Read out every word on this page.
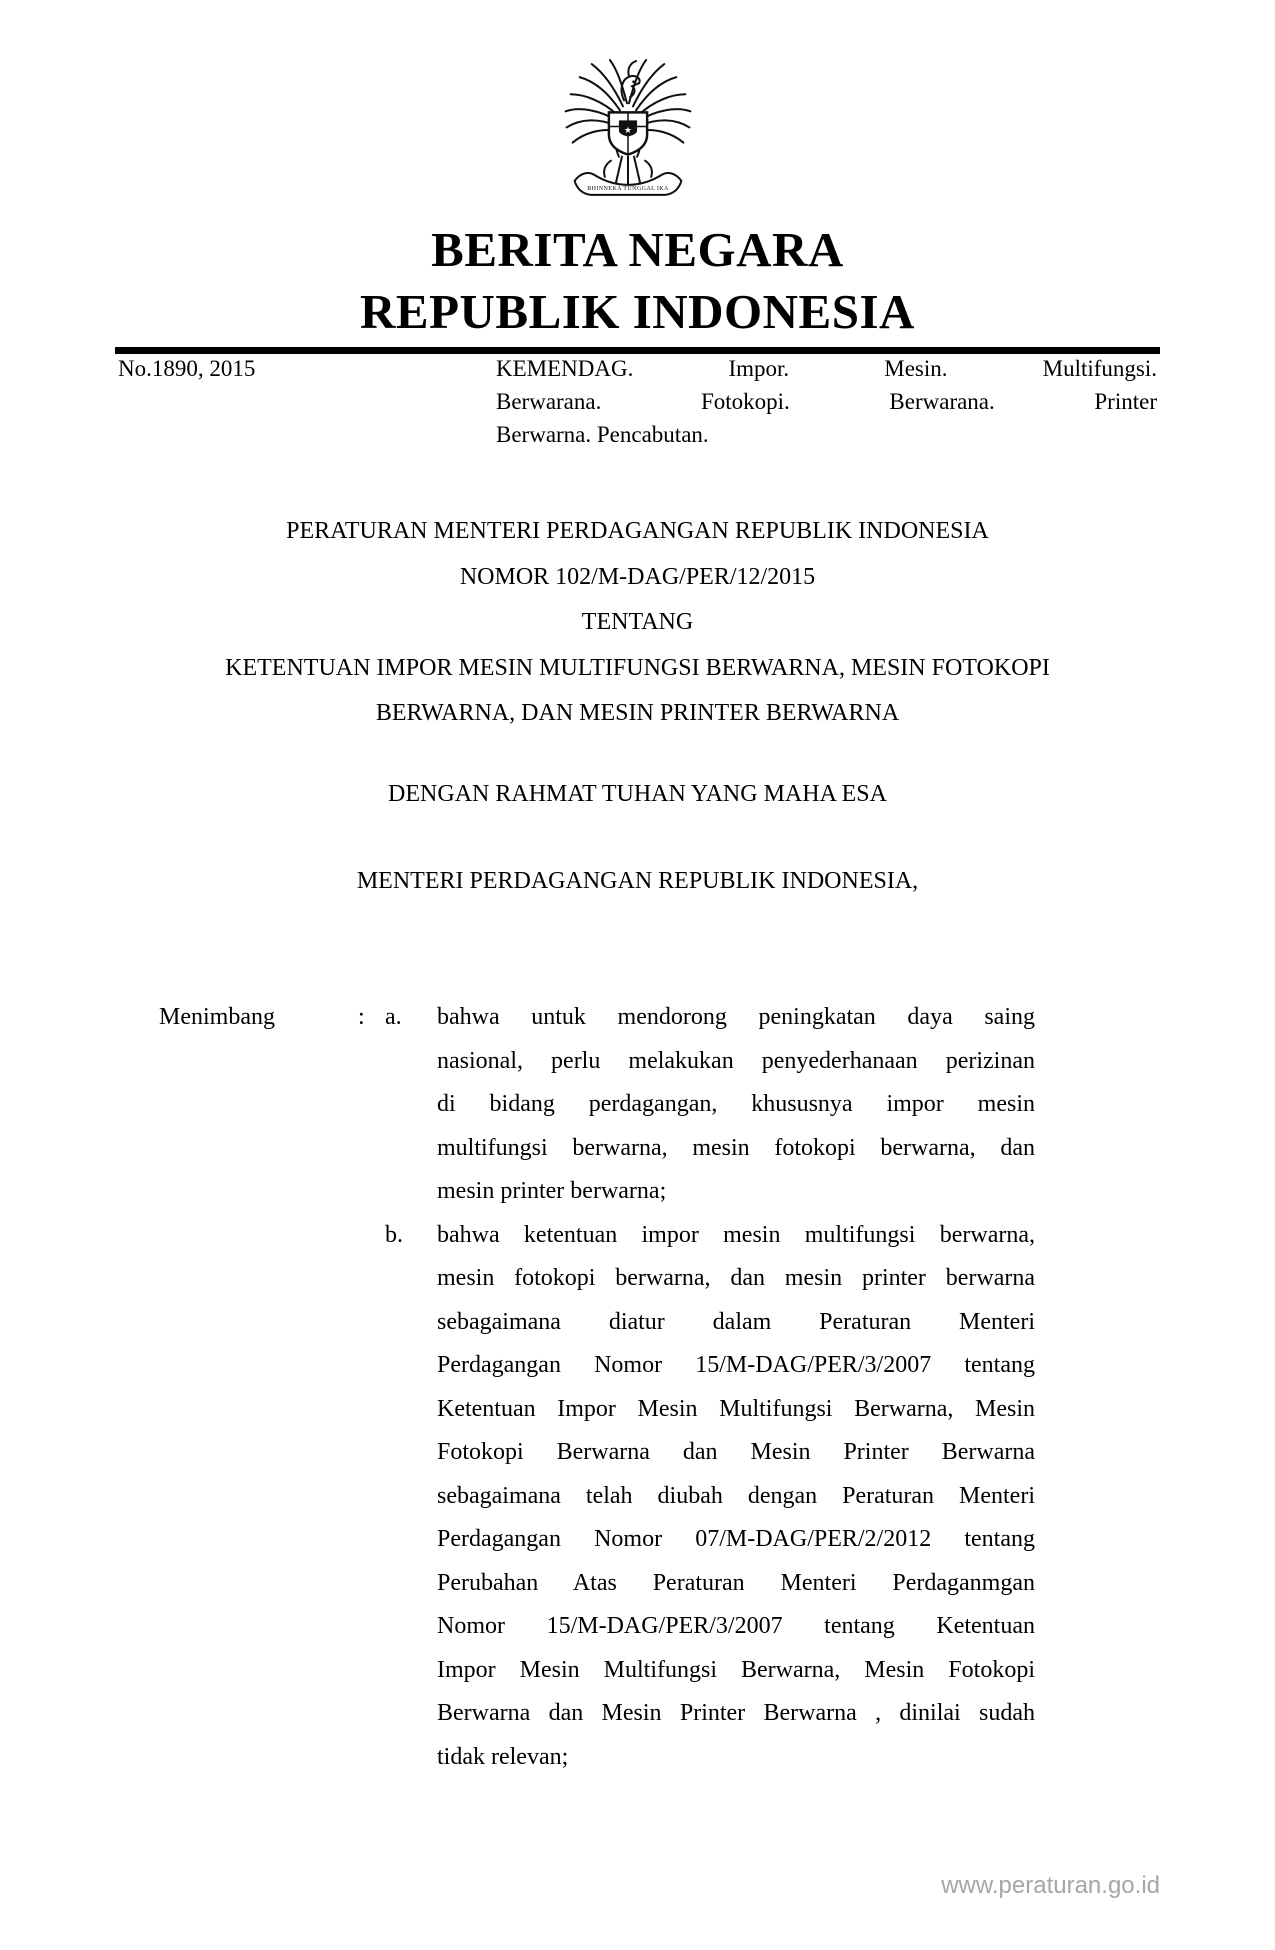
★
BHINNEKA TUNGGAL IKA
BERITA NEGARA
REPUBLIK INDONESIA
No.1890, 2015	KEMENDAG. Impor. Mesin. Multifungsi.
Berwarana. Fotokopi. Berwarana. Printer
Berwarna. Pencabutan.
PERATURAN MENTERI PERDAGANGAN REPUBLIK INDONESIA
NOMOR 102/M-DAG/PER/12/2015
TENTANG
KETENTUAN IMPOR MESIN MULTIFUNGSI BERWARNA, MESIN FOTOKOPI
BERWARNA, DAN MESIN PRINTER BERWARNA
DENGAN RAHMAT TUHAN YANG MAHA ESA
MENTERI PERDAGANGAN REPUBLIK INDONESIA,
Menimbang	: a. bahwa untuk mendorong peningkatan daya saing
nasional, perlu melakukan penyederhanaan perizinan
di bidang perdagangan, khususnya impor mesin
multifungsi berwarna, mesin fotokopi berwarna, dan
mesin printer berwarna;
b. bahwa ketentuan impor mesin multifungsi berwarna,
mesin fotokopi berwarna, dan mesin printer berwarna
sebagaimana diatur dalam Peraturan Menteri
Perdagangan Nomor 15/M-DAG/PER/3/2007 tentang
Ketentuan Impor Mesin Multifungsi Berwarna, Mesin
Fotokopi Berwarna dan Mesin Printer Berwarna
sebagaimana telah diubah dengan Peraturan Menteri
Perdagangan Nomor 07/M-DAG/PER/2/2012 tentang
Perubahan Atas Peraturan Menteri Perdaganmgan
Nomor 15/M-DAG/PER/3/2007 tentang Ketentuan
Impor Mesin Multifungsi Berwarna, Mesin Fotokopi
Berwarna dan Mesin Printer Berwarna , dinilai sudah
tidak relevan;
www.peraturan.go.id
